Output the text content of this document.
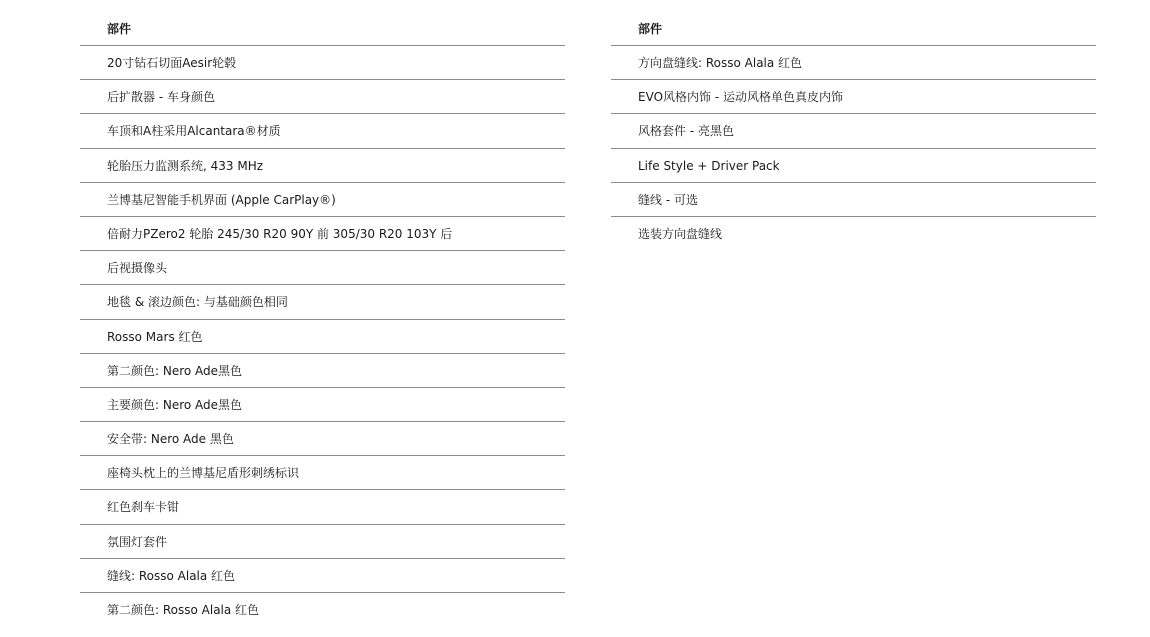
部件
20寸钻石切面Aesir轮毂
后扩散器 - 车身颜色
车顶和A柱采用Alcantara®材质
轮胎压力监测系统, 433 MHz
兰博基尼智能手机界面 (Apple CarPlay®)
倍耐力PZero2 轮胎 245/30 R20 90Y 前 305/30 R20 103Y 后
后视摄像头
地毯 & 滚边颜色: 与基础颜色相同
Rosso Mars 红色
第二颜色: Nero Ade黑色
主要颜色: Nero Ade黑色
安全带: Nero Ade 黑色
座椅头枕上的兰博基尼盾形刺绣标识
红色刹车卡钳
氛围灯套件
缝线: Rosso Alala 红色
第二颜色: Rosso Alala 红色
部件
方向盘缝线: Rosso Alala 红色
EVO风格内饰 - 运动风格单色真皮内饰
风格套件 - 亮黑色
Life Style + Driver Pack
缝线 - 可选
选装方向盘缝线
